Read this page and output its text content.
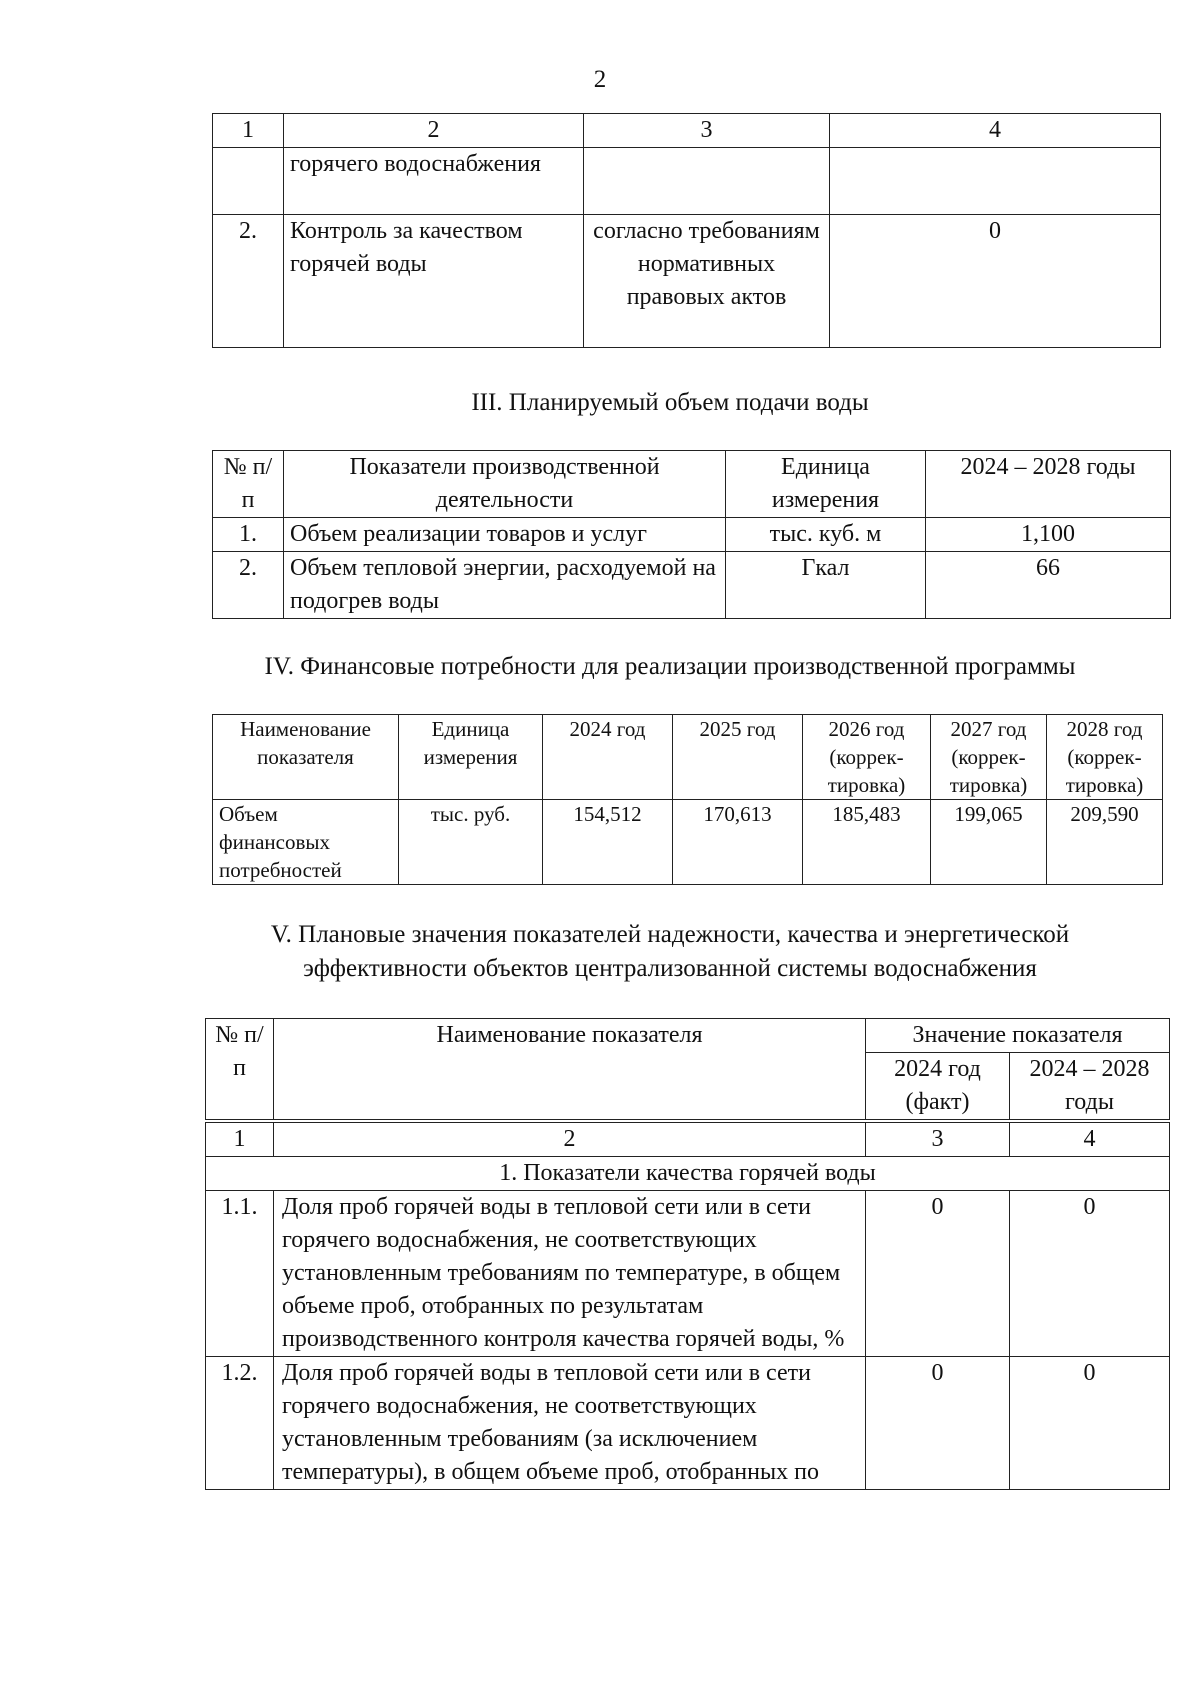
2
1	2	3	4
	горячего водоснабжения		
2.	Контроль за качеством горячей воды	согласно требованиям нормативных правовых актов	0
III. Планируемый объем подачи воды
№ п/п	Показатели производственной деятельности	Единица измерения	2024 – 2028 годы
1.	Объем реализации товаров и услуг	тыс. куб. м	1,100
2.	Объем тепловой энергии, расходуемой на подогрев воды	Гкал	66
IV. Финансовые потребности для реализации производственной программы
Наименование показателя	Единица измерения	2024 год	2025 год	2026 год (коррек-тировка)	2027 год (коррек-тировка)	2028 год (коррек-тировка)
Объем финансовых потребностей	тыс. руб.	154,512	170,613	185,483	199,065	209,590
V. Плановые значения показателей надежности, качества и энергетической
эффективности объектов централизованной системы водоснабжения
№ п/п	Наименование показателя	Значение показателя	
		2024 год (факт)	2024 – 2028 годы
1	2	3	4
1. Показатели качества горячей воды			
1.1.	Доля проб горячей воды в тепловой сети или в сети горячего водоснабжения, не соответствующих установленным требованиям по температуре, в общем объеме проб, отобранных по результатам производственного контроля качества горячей воды, %	0	0
1.2.	Доля проб горячей воды в тепловой сети или в сети горячего водоснабжения, не соответствующих установленным требованиям (за исключением температуры), в общем объеме проб, отобранных по	0	0
